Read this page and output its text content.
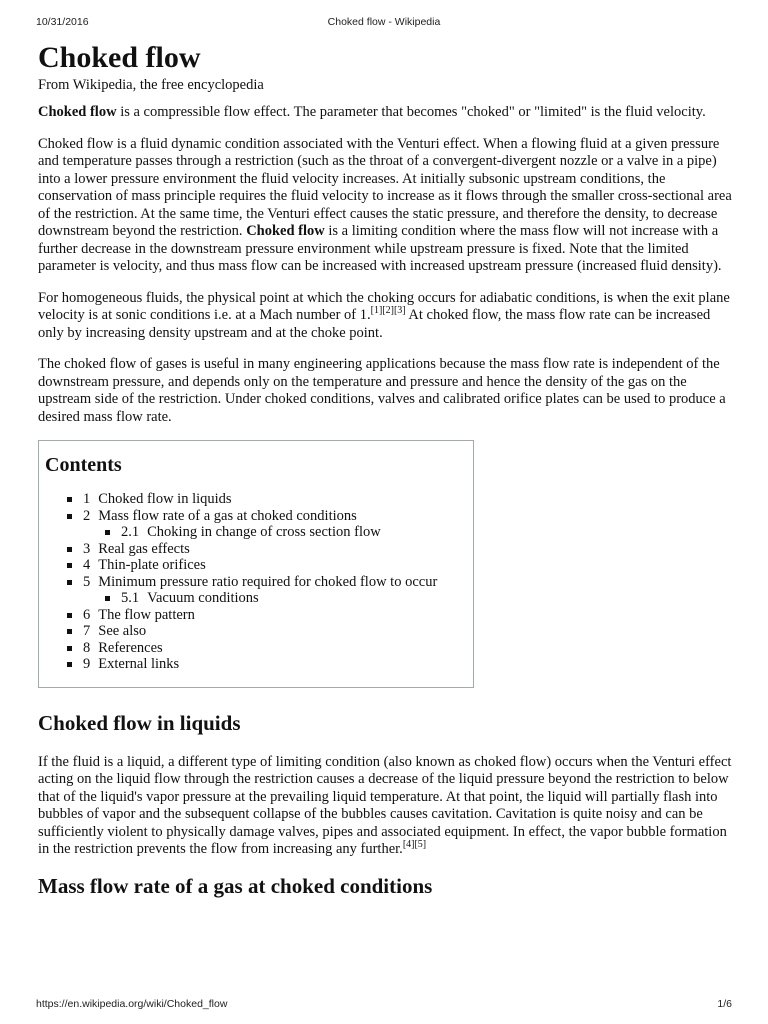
10/31/2016	Choked flow - Wikipedia
Choked flow
From Wikipedia, the free encyclopedia

Choked flow is a compressible flow effect. The parameter that becomes "choked" or "limited" is the fluid velocity.

Choked flow is a fluid dynamic condition associated with the Venturi effect. When a flowing fluid at a given pressure and temperature passes through a restriction (such as the throat of a convergent-divergent nozzle or a valve in a pipe) into a lower pressure environment the fluid velocity increases. At initially subsonic upstream conditions, the conservation of mass principle requires the fluid velocity to increase as it flows through the smaller cross-sectional area of the restriction. At the same time, the Venturi effect causes the static pressure, and therefore the density, to decrease downstream beyond the restriction. Choked flow is a limiting condition where the mass flow will not increase with a further decrease in the downstream pressure environment while upstream pressure is fixed. Note that the limited parameter is velocity, and thus mass flow can be increased with increased upstream pressure (increased fluid density).

For homogeneous fluids, the physical point at which the choking occurs for adiabatic conditions, is when the exit plane velocity is at sonic conditions i.e. at a Mach number of 1.[1][2][3] At choked flow, the mass flow rate can be increased only by increasing density upstream and at the choke point.

The choked flow of gases is useful in many engineering applications because the mass flow rate is independent of the downstream pressure, and depends only on the temperature and pressure and hence the density of the gas on the upstream side of the restriction. Under choked conditions, valves and calibrated orifice plates can be used to produce a desired mass flow rate.

Contents
1 Choked flow in liquids
2 Mass flow rate of a gas at choked conditions
2.1 Choking in change of cross section flow
3 Real gas effects
4 Thin-plate orifices
5 Minimum pressure ratio required for choked flow to occur
5.1 Vacuum conditions
6 The flow pattern
7 See also
8 References
9 External links
Choked flow in liquids

If the fluid is a liquid, a different type of limiting condition (also known as choked flow) occurs when the Venturi effect acting on the liquid flow through the restriction causes a decrease of the liquid pressure beyond the restriction to below that of the liquid's vapor pressure at the prevailing liquid temperature. At that point, the liquid will partially flash into bubbles of vapor and the subsequent collapse of the bubbles causes cavitation. Cavitation is quite noisy and can be sufficiently violent to physically damage valves, pipes and associated equipment. In effect, the vapor bubble formation in the restriction prevents the flow from increasing any further.[4][5]

Mass flow rate of a gas at choked conditions
https://en.wikipedia.org/wiki/Choked_flow	1/6
